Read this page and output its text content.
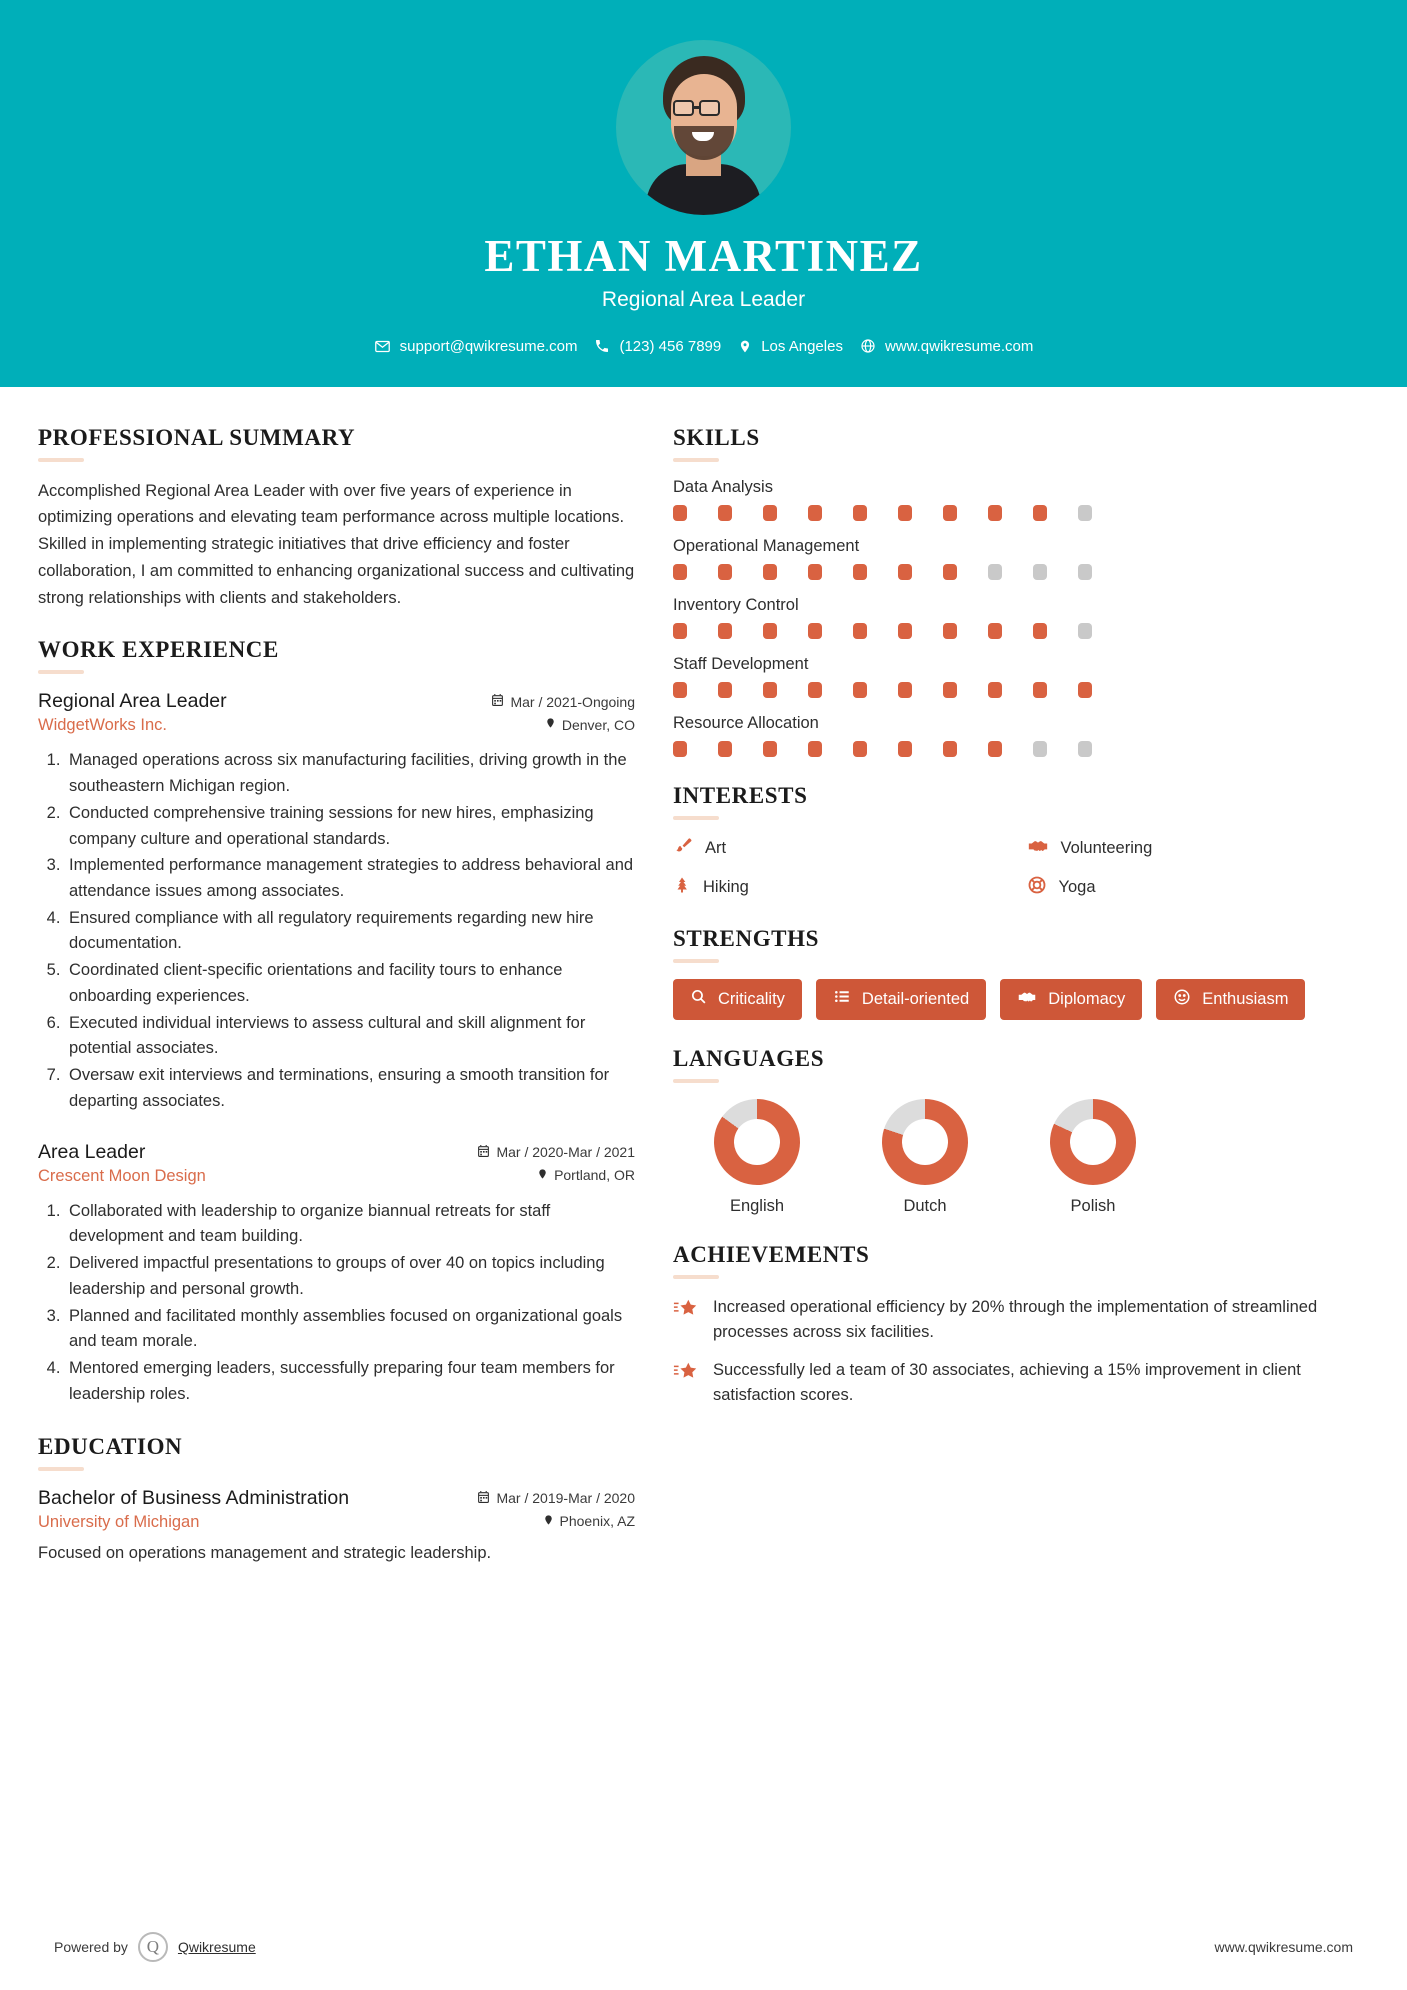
ETHAN MARTINEZ
Regional Area Leader
support@qwikresume.com	(123) 456 7899	Los Angeles	www.qwikresume.com
PROFESSIONAL SUMMARY
Accomplished Regional Area Leader with over five years of experience in optimizing operations and elevating team performance across multiple locations. Skilled in implementing strategic initiatives that drive efficiency and foster collaboration, I am committed to enhancing organizational success and cultivating strong relationships with clients and stakeholders.
WORK EXPERIENCE
Regional Area Leader	Mar / 2021-Ongoing
WidgetWorks Inc.	Denver, CO
1. Managed operations across six manufacturing facilities, driving growth in the southeastern Michigan region.
2. Conducted comprehensive training sessions for new hires, emphasizing company culture and operational standards.
3. Implemented performance management strategies to address behavioral and attendance issues among associates.
4. Ensured compliance with all regulatory requirements regarding new hire documentation.
5. Coordinated client-specific orientations and facility tours to enhance onboarding experiences.
6. Executed individual interviews to assess cultural and skill alignment for potential associates.
7. Oversaw exit interviews and terminations, ensuring a smooth transition for departing associates.
Area Leader	Mar / 2020-Mar / 2021
Crescent Moon Design	Portland, OR
1. Collaborated with leadership to organize biannual retreats for staff development and team building.
2. Delivered impactful presentations to groups of over 40 on topics including leadership and personal growth.
3. Planned and facilitated monthly assemblies focused on organizational goals and team morale.
4. Mentored emerging leaders, successfully preparing four team members for leadership roles.
EDUCATION
Bachelor of Business Administration	Mar / 2019-Mar / 2020
University of Michigan	Phoenix, AZ
Focused on operations management and strategic leadership.
SKILLS
Data Analysis
Operational Management
Inventory Control
Staff Development
Resource Allocation
INTERESTS
Art	Volunteering
Hiking	Yoga
STRENGTHS
Criticality	Detail-oriented	Diplomacy	Enthusiasm
LANGUAGES
English	Dutch	Polish
ACHIEVEMENTS
Increased operational efficiency by 20% through the implementation of streamlined processes across six facilities.
Successfully led a team of 30 associates, achieving a 15% improvement in client satisfaction scores.
Powered by	Q	Qwikresume	www.qwikresume.com
